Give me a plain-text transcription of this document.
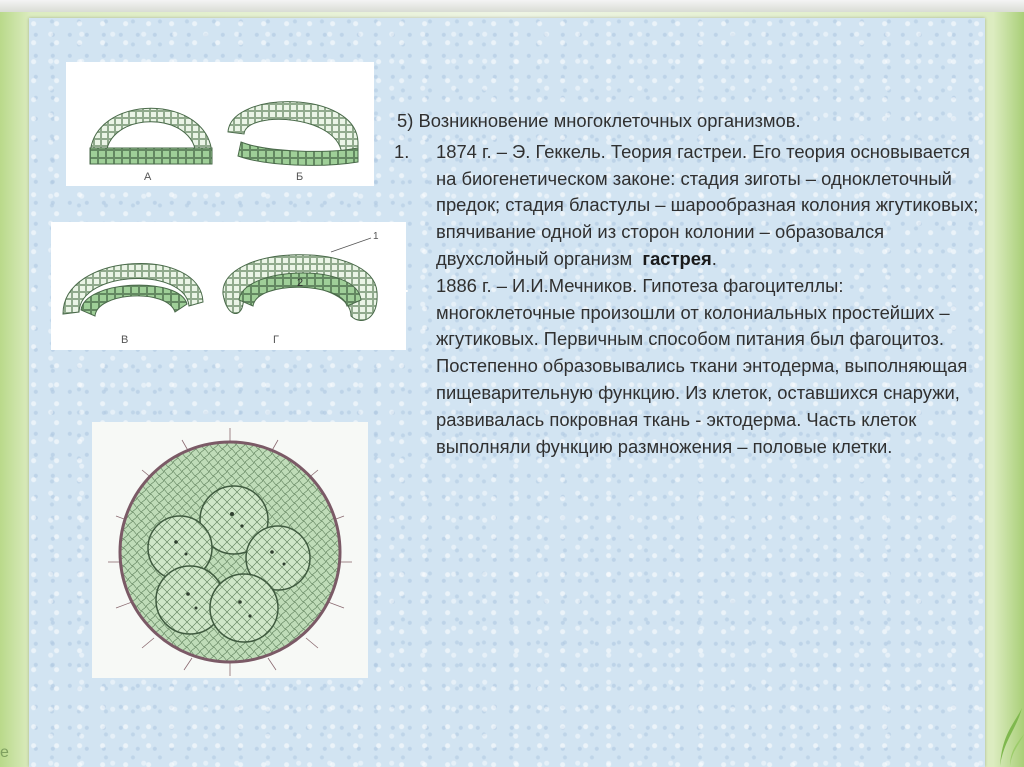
А	Б
1
2
В	Г
5) Возникновение многоклеточных организмов.
1.	1874 г. – Э. Геккель. Теория гастреи. Его теория основывается на биогенетическом законе: стадия зиготы – одноклеточный предок; стадия бластулы – шарообразная колония жгутиковых; впячивание одной из сторон колонии – образовался двухслойный организм гастрея.
2.	1886 г. – И.И.Мечников. Гипотеза фагоцителлы: многоклеточные произошли от колониальных простейших – жгутиковых. Первичным способом питания был фагоцитоз. Постепенно образовывались ткани энтодерма, выполняющая пищеварительную функцию. Из клеток, оставшихся снаружи, развивалась покровная ткань - эктодерма. Часть клеток выполняли функцию размножения – половые клетки.
e
